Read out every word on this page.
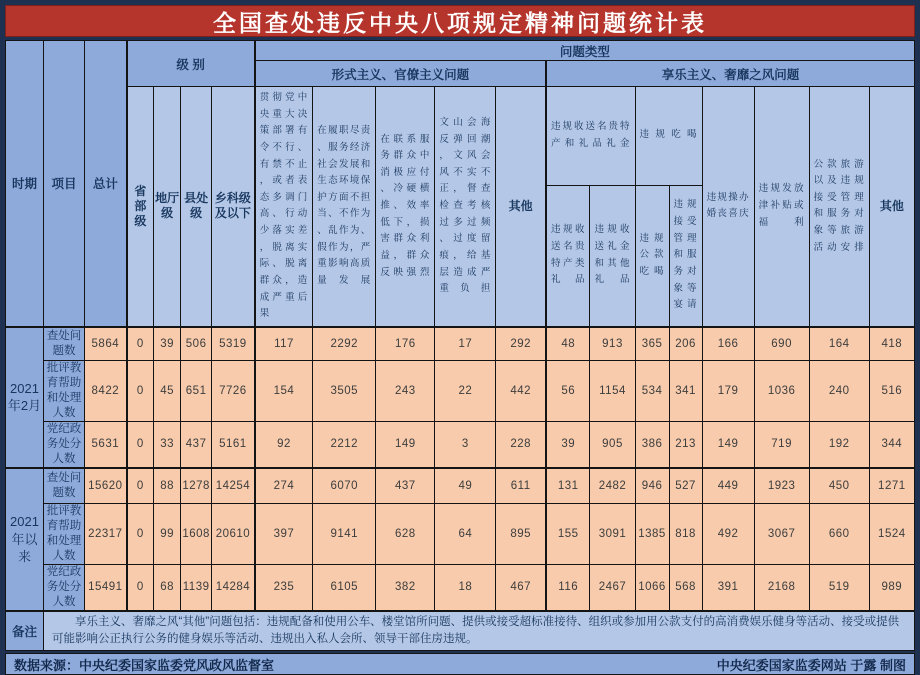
全国查处违反中央八项规定精神问题统计表
时期	项目	总计	级 别				问题类型												
							形式主义、官僚主义问题					享乐主义、奢靡之风问题							
			省部级	地厅级	县处级	乡科级及以下	贯彻党中央重大决策部署有令不行、有禁不止，或者表态多调门高、行动少落实差，脱离实际、脱离群众，造成严重后果	在履职尽责、服务经济社会发展和生态环境保护方面不担当、不作为、乱作为、假作为，严重影响高质量发展	在联系服务群众中消极应付、冷硬横推、效率低下，损害群众利益，群众反映强烈	文山会海反弹回潮，文风会风不实不正，督查检查考核过多过频、过度留痕，给基层造成严重负担	其他	违规收送名贵特产和礼品礼金		违规吃喝		违规操办婚丧喜庆	违规发放津补贴或福利	公款旅游以及违规接受管理和服务对象等旅游活动安排	其他
												违规收送名贵特产类礼品	违规收送礼金和其他礼品	违规公款吃喝	违规接受管理和服务对象等宴请				
2021年2月	查处问题数	5864	0	39	506	5319	117	2292	176	17	292	48	913	365	206	166	690	164	418
	批评教育帮助和处理人数	8422	0	45	651	7726	154	3505	243	22	442	56	1154	534	341	179	1036	240	516
	党纪政务处分人数	5631	0	33	437	5161	92	2212	149	3	228	39	905	386	213	149	719	192	344
2021年以来	查处问题数	15620	0	88	1278	14254	274	6070	437	49	611	131	2482	946	527	449	1923	450	1271
	批评教育帮助和处理人数	22317	0	99	1608	20610	397	9141	628	64	895	155	3091	1385	818	492	3067	660	1524
	党纪政务处分人数	15491	0	68	1139	14284	235	6105	382	18	467	116	2467	1066	568	391	2168	519	989
备注	享乐主义、奢靡之风“其他”问题包括：违规配备和使用公车、楼堂馆所问题、提供或接受超标准接待、组织或参加用公款支付的高消费娱乐健身等活动、接受或提供可能影响公正执行公务的健身娱乐等活动、违规出入私人会所、领导干部住房违规。																		
数据来源：中央纪委国家监委党风政风监督室	中央纪委国家监委网站 于露 制图
